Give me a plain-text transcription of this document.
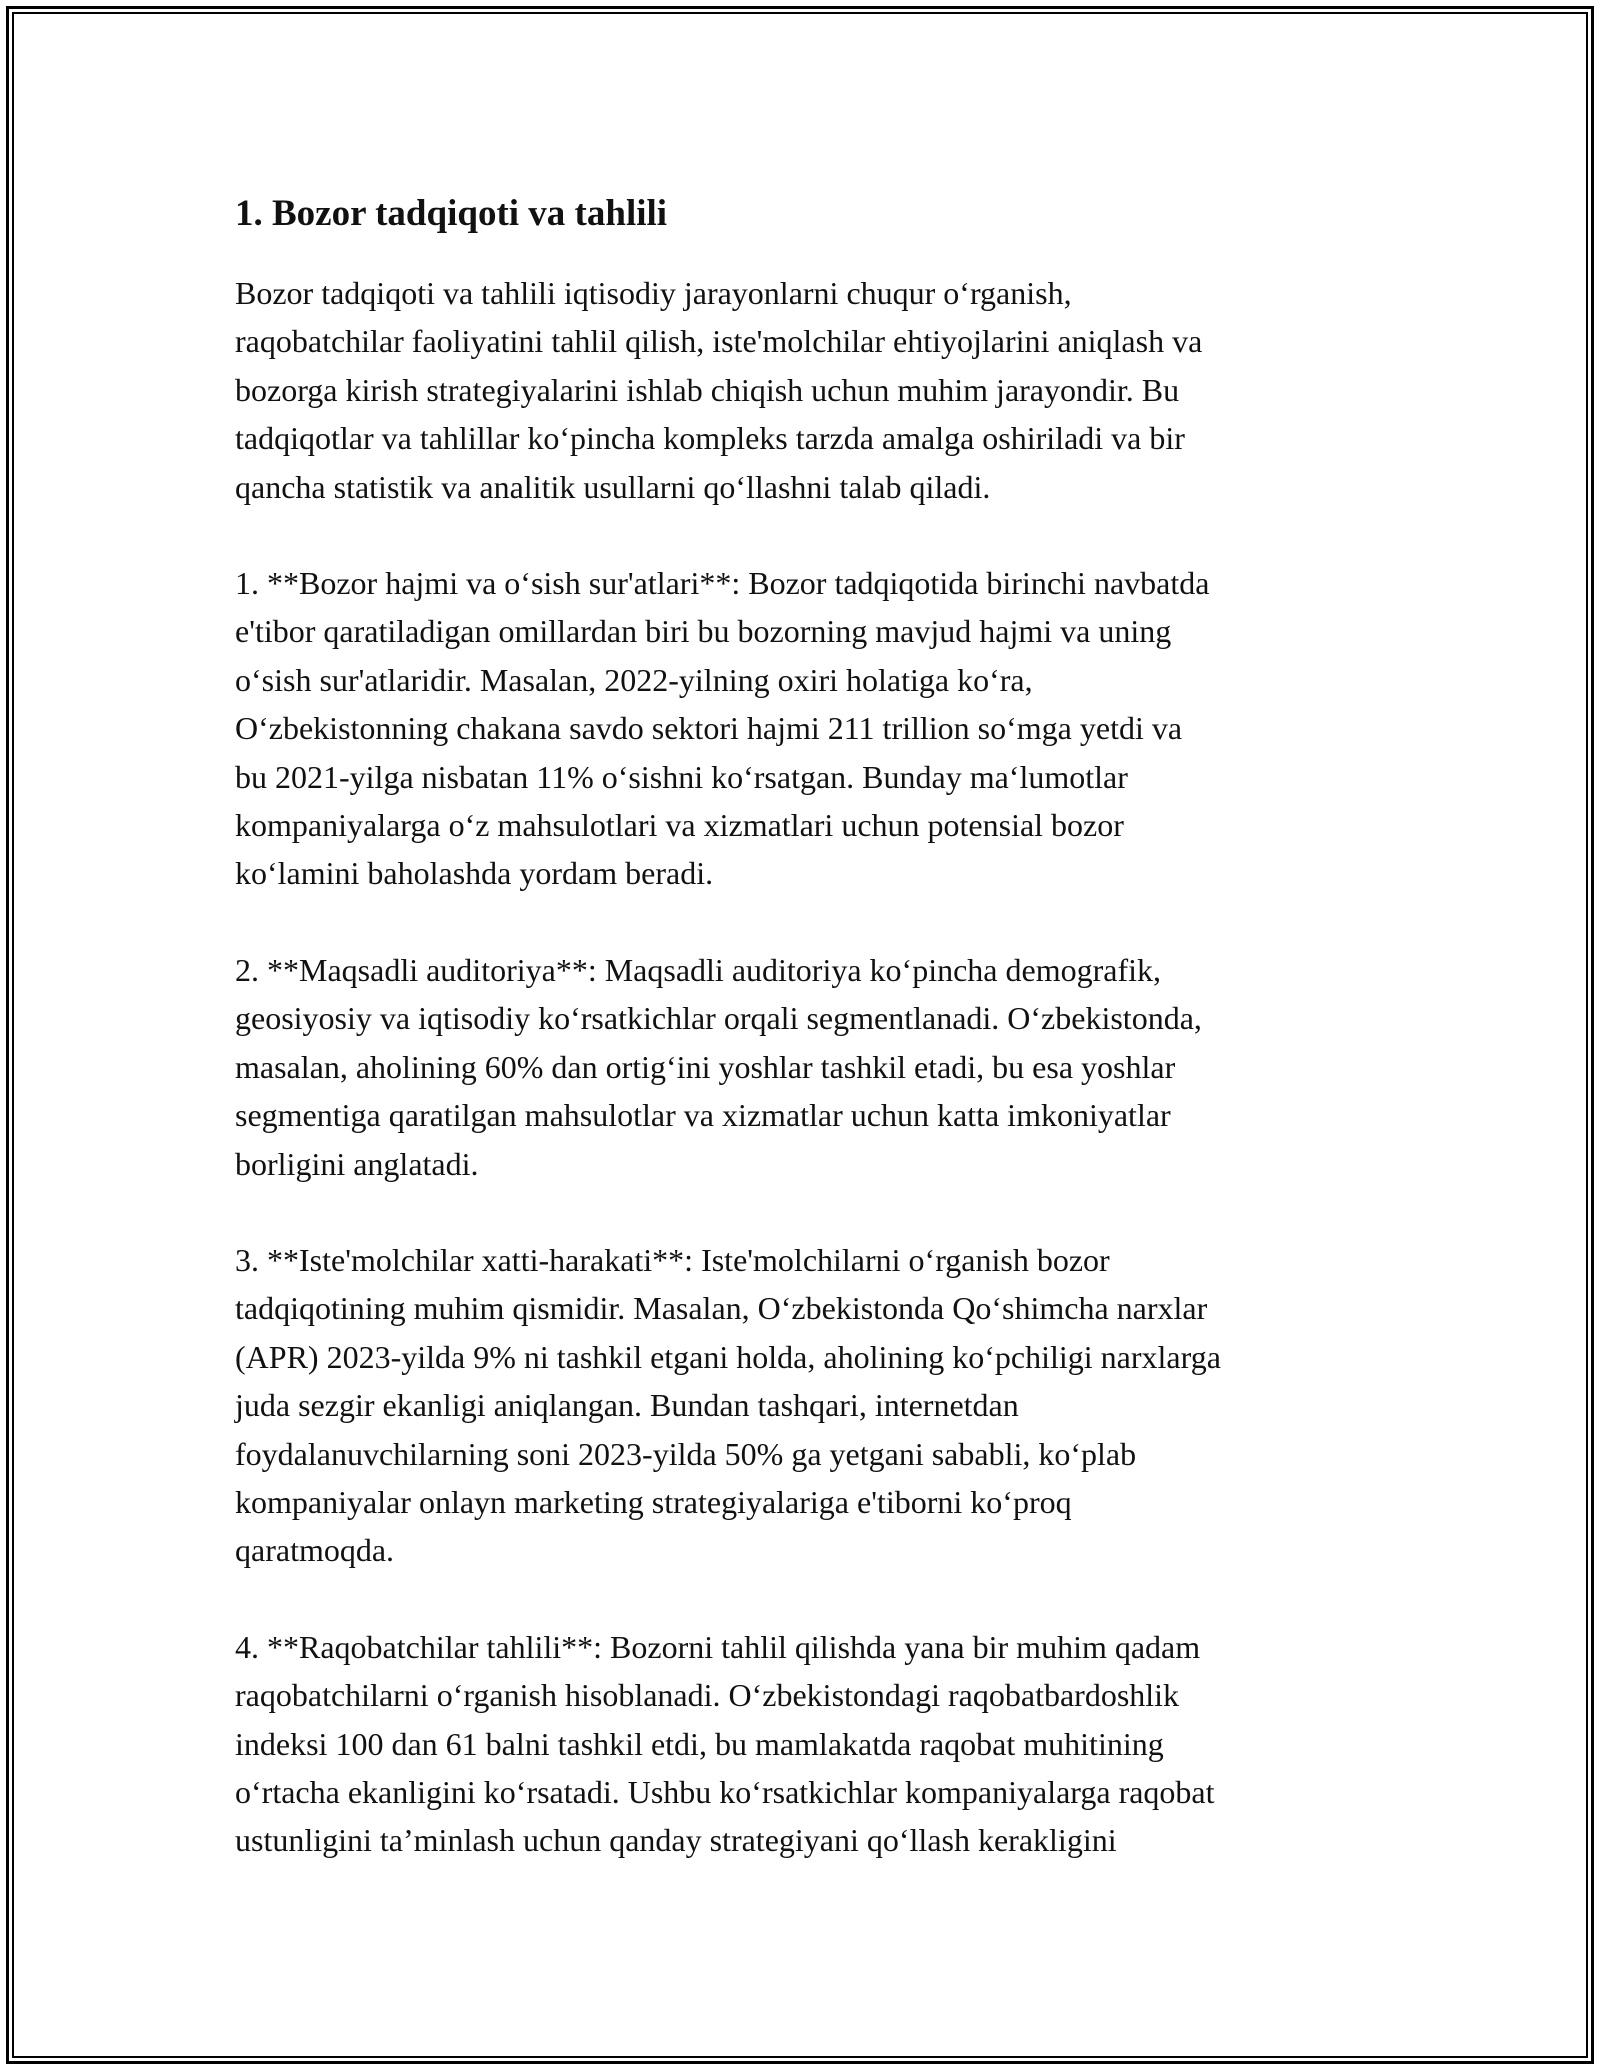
1. Bozor tadqiqoti va tahlili

Bozor tadqiqoti va tahlili iqtisodiy jarayonlarni chuqur oʻrganish,
raqobatchilar faoliyatini tahlil qilish, iste'molchilar ehtiyojlarini aniqlash va
bozorga kirish strategiyalarini ishlab chiqish uchun muhim jarayondir. Bu
tadqiqotlar va tahlillar koʻpincha kompleks tarzda amalga oshiriladi va bir
qancha statistik va analitik usullarni qoʻllashni talab qiladi.

1. **Bozor hajmi va oʻsish sur'atlari**: Bozor tadqiqotida birinchi navbatda
e'tibor qaratiladigan omillardan biri bu bozorning mavjud hajmi va uning
oʻsish sur'atlaridir. Masalan, 2022-yilning oxiri holatiga koʻra,
Oʻzbekistonning chakana savdo sektori hajmi 211 trillion soʻmga yetdi va
bu 2021-yilga nisbatan 11% oʻsishni koʻrsatgan. Bunday maʻlumotlar
kompaniyalarga oʻz mahsulotlari va xizmatlari uchun potensial bozor
koʻlamini baholashda yordam beradi.

2. **Maqsadli auditoriya**: Maqsadli auditoriya koʻpincha demografik,
geosiyosiy va iqtisodiy koʻrsatkichlar orqali segmentlanadi. Oʻzbekistonda,
masalan, aholining 60% dan ortigʻini yoshlar tashkil etadi, bu esa yoshlar
segmentiga qaratilgan mahsulotlar va xizmatlar uchun katta imkoniyatlar
borligini anglatadi.

3. **Iste'molchilar xatti-harakati**: Iste'molchilarni oʻrganish bozor
tadqiqotining muhim qismidir. Masalan, Oʻzbekistonda Qoʻshimcha narxlar
(APR) 2023-yilda 9% ni tashkil etgani holda, aholining koʻpchiligi narxlarga
juda sezgir ekanligi aniqlangan. Bundan tashqari, internetdan
foydalanuvchilarning soni 2023-yilda 50% ga yetgani sababli, koʻplab
kompaniyalar onlayn marketing strategiyalariga e'tiborni koʻproq
qaratmoqda.

4. **Raqobatchilar tahlili**: Bozorni tahlil qilishda yana bir muhim qadam
raqobatchilarni oʻrganish hisoblanadi. Oʻzbekistondagi raqobatbardoshlik
indeksi 100 dan 61 balni tashkil etdi, bu mamlakatda raqobat muhitining
oʻrtacha ekanligini koʻrsatadi. Ushbu koʻrsatkichlar kompaniyalarga raqobat
ustunligini taʼminlash uchun qanday strategiyani qoʻllash kerakligini
